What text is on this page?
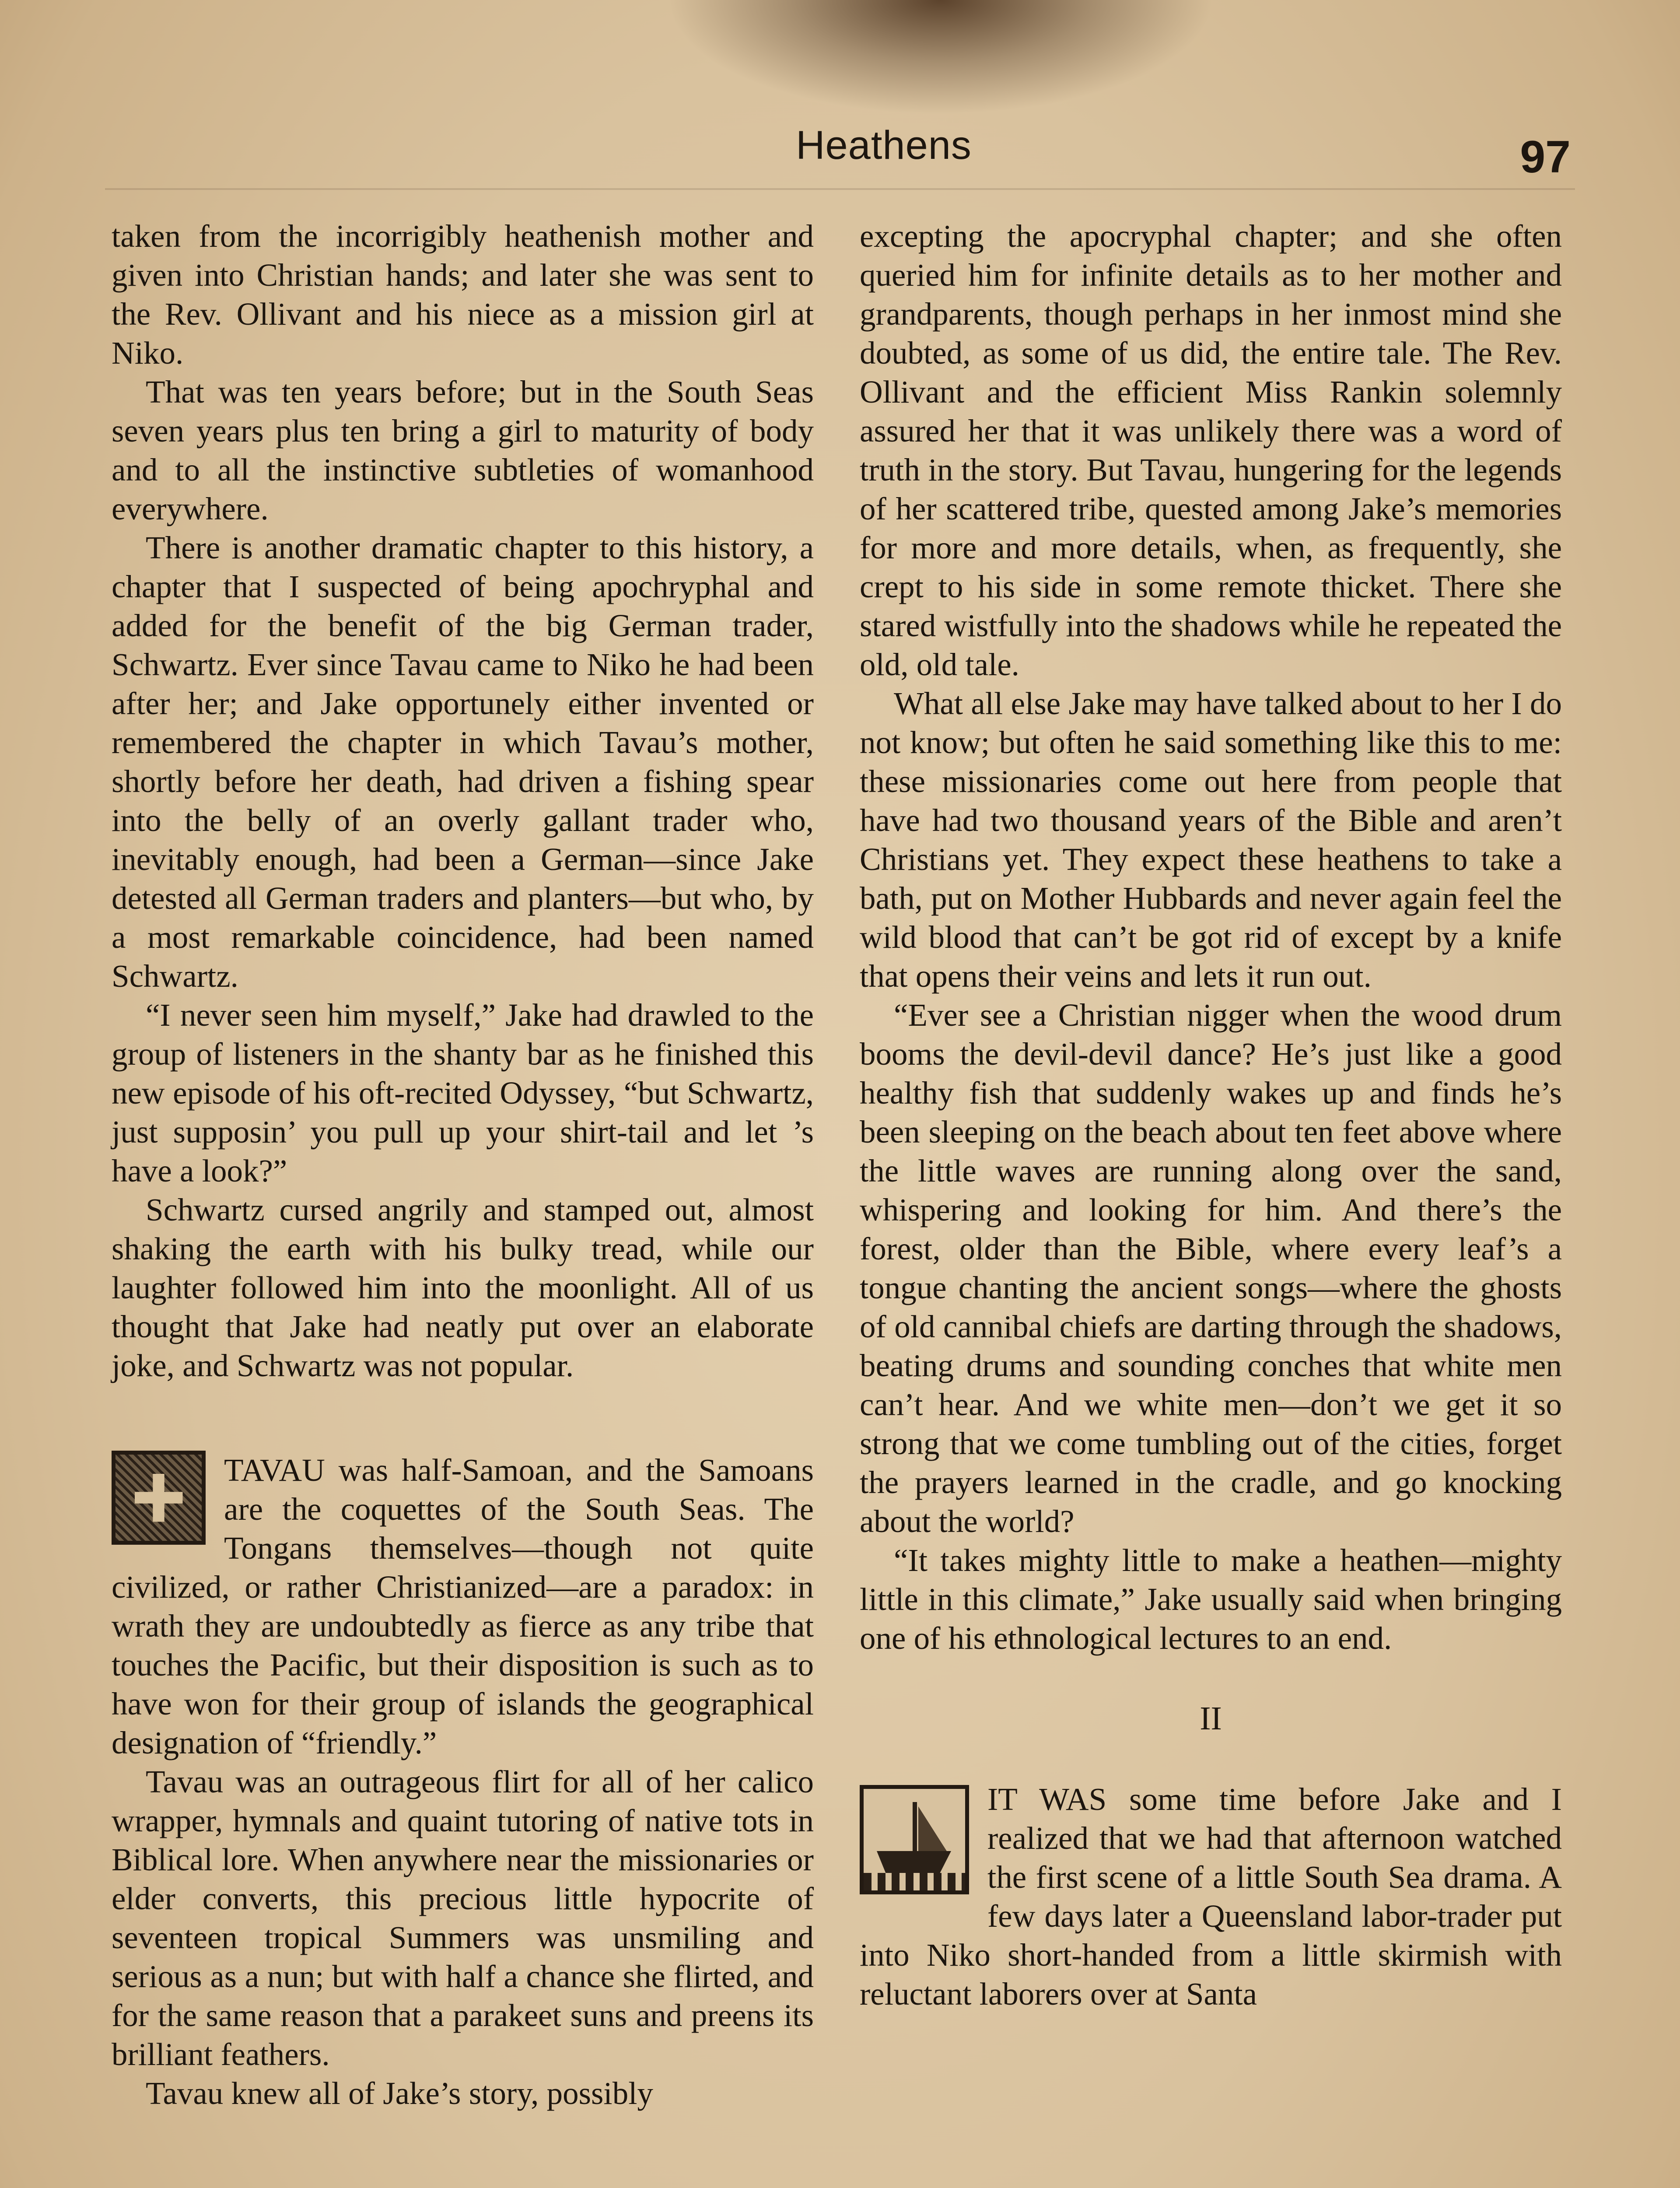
Heathens	97

taken from the incorrigibly heathenish mother and given into Christian hands; and later she was sent to the Rev. Ollivant and his niece as a mission girl at Niko.

That was ten years before; but in the South Seas seven years plus ten bring a girl to maturity of body and to all the instinctive subtleties of womanhood everywhere.

There is another dramatic chapter to this history, a chapter that I suspected of being apochryphal and added for the benefit of the big German trader, Schwartz. Ever since Tavau came to Niko he had been after her; and Jake opportunely either invented or remembered the chapter in which Tavau’s mother, shortly before her death, had driven a fishing spear into the belly of an overly gallant trader who, inevitably enough, had been a German—since Jake detested all German traders and planters—but who, by a most remarkable coincidence, had been named Schwartz.

“I never seen him myself,” Jake had drawled to the group of listeners in the shanty bar as he finished this new episode of his oft-recited Odyssey, “but Schwartz, just supposin’ you pull up your shirt-tail and let ’s have a look?”

Schwartz cursed angrily and stamped out, almost shaking the earth with his bulky tread, while our laughter followed him into the moonlight. All of us thought that Jake had neatly put over an elaborate joke, and Schwartz was not popular.

TAVAU was half-Samoan, and the Samoans are the coquettes of the South Seas. The Tongans themselves—though not quite civilized, or rather Christianized—are a paradox: in wrath they are undoubtedly as fierce as any tribe that touches the Pacific, but their disposition is such as to have won for their group of islands the geographical designation of “friendly.”

Tavau was an outrageous flirt for all of her calico wrapper, hymnals and quaint tutoring of native tots in Biblical lore. When anywhere near the missionaries or elder converts, this precious little hypocrite of seventeen tropical Summers was unsmiling and serious as a nun; but with half a chance she flirted, and for the same reason that a parakeet suns and preens its brilliant feathers.

Tavau knew all of Jake’s story, possibly

excepting the apocryphal chapter; and she often queried him for infinite details as to her mother and grandparents, though perhaps in her inmost mind she doubted, as some of us did, the entire tale. The Rev. Ollivant and the efficient Miss Rankin solemnly assured her that it was unlikely there was a word of truth in the story. But Tavau, hungering for the legends of her scattered tribe, quested among Jake’s memories for more and more details, when, as frequently, she crept to his side in some remote thicket. There she stared wistfully into the shadows while he repeated the old, old tale.

What all else Jake may have talked about to her I do not know; but often he said something like this to me: these missionaries come out here from people that have had two thousand years of the Bible and aren’t Christians yet. They expect these heathens to take a bath, put on Mother Hubbards and never again feel the wild blood that can’t be got rid of except by a knife that opens their veins and lets it run out.

“Ever see a Christian nigger when the wood drum booms the devil-devil dance? He’s just like a good healthy fish that suddenly wakes up and finds he’s been sleeping on the beach about ten feet above where the little waves are running along over the sand, whispering and looking for him. And there’s the forest, older than the Bible, where every leaf’s a tongue chanting the ancient songs—where the ghosts of old cannibal chiefs are darting through the shadows, beating drums and sounding conches that white men can’t hear. And we white men—don’t we get it so strong that we come tumbling out of the cities, forget the prayers learned in the cradle, and go knocking about the world?

“It takes mighty little to make a heathen—mighty little in this climate,” Jake usually said when bringing one of his ethnological lectures to an end.

II

IT WAS some time before Jake and I realized that we had that afternoon watched the first scene of a little South Sea drama. A few days later a Queensland labor-trader put into Niko short-handed from a little skirmish with reluctant laborers over at Santa
